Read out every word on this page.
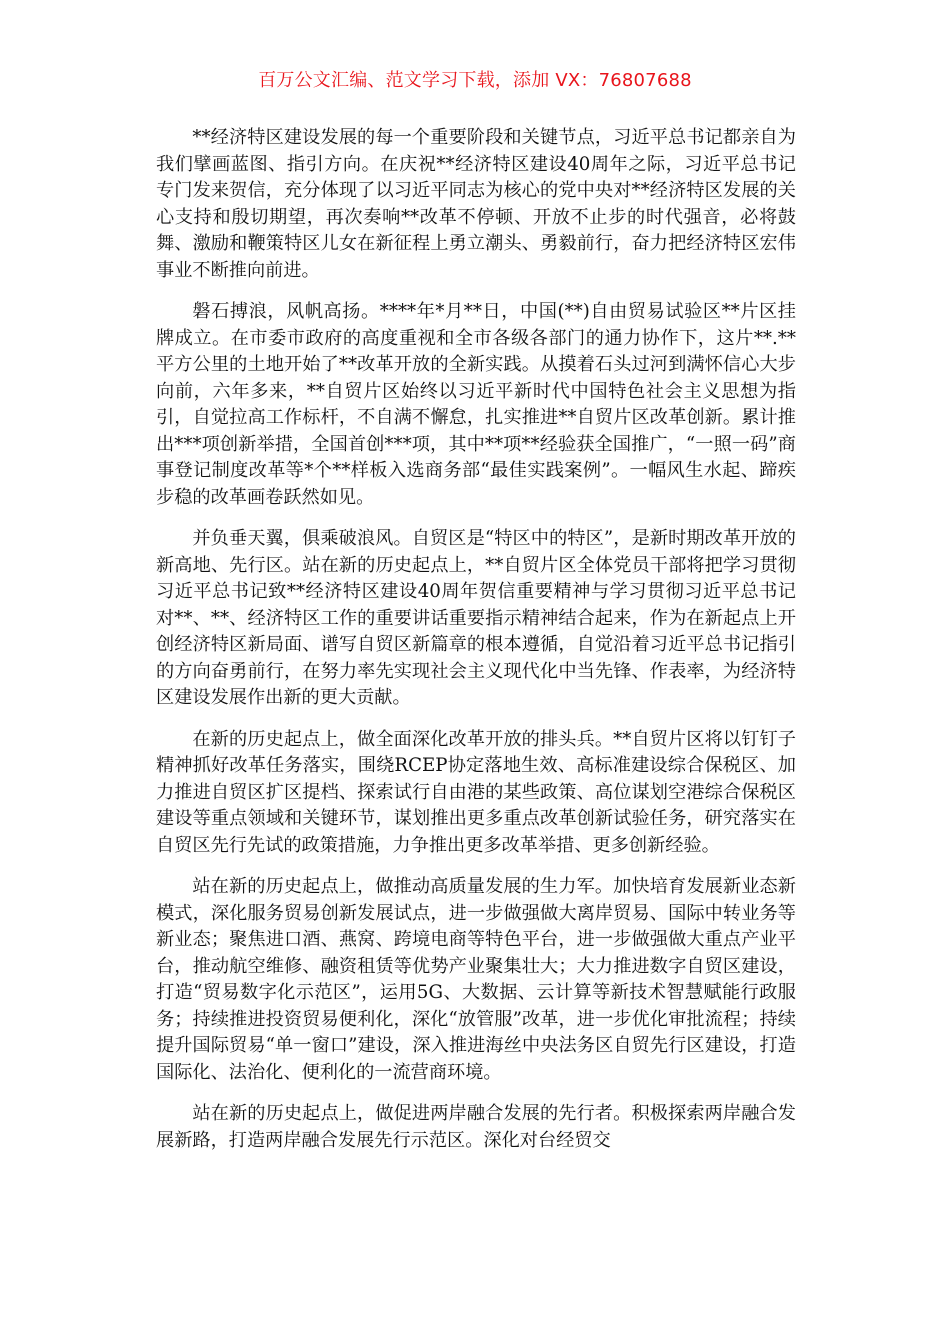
百万公文汇编、范文学习下载，添加 VX：76807688

**经济特区建设发展的每一个重要阶段和关键节点，习近平总书记都亲自为我们擘画蓝图、指引方向。在庆祝**经济特区建设40周年之际，习近平总书记专门发来贺信，充分体现了以习近平同志为核心的党中央对**经济特区发展的关心支持和殷切期望，再次奏响**改革不停顿、开放不止步的时代强音，必将鼓舞、激励和鞭策特区儿女在新征程上勇立潮头、勇毅前行，奋力把经济特区宏伟事业不断推向前进。

磐石搏浪，风帆高扬。****年*月**日，中国(**)自由贸易试验区**片区挂牌成立。在市委市政府的高度重视和全市各级各部门的通力协作下，这片**.**平方公里的土地开始了**改革开放的全新实践。从摸着石头过河到满怀信心大步向前，六年多来，**自贸片区始终以习近平新时代中国特色社会主义思想为指引，自觉拉高工作标杆，不自满不懈怠，扎实推进**自贸片区改革创新。累计推出***项创新举措，全国首创***项，其中**项**经验获全国推广，“一照一码”商事登记制度改革等*个**样板入选商务部“最佳实践案例”。一幅风生水起、蹄疾步稳的改革画卷跃然如见。

并负垂天翼，俱乘破浪风。自贸区是“特区中的特区”，是新时期改革开放的新高地、先行区。站在新的历史起点上，**自贸片区全体党员干部将把学习贯彻习近平总书记致**经济特区建设40周年贺信重要精神与学习贯彻习近平总书记对**、**、经济特区工作的重要讲话重要指示精神结合起来，作为在新起点上开创经济特区新局面、谱写自贸区新篇章的根本遵循，自觉沿着习近平总书记指引的方向奋勇前行，在努力率先实现社会主义现代化中当先锋、作表率，为经济特区建设发展作出新的更大贡献。

在新的历史起点上，做全面深化改革开放的排头兵。**自贸片区将以钉钉子精神抓好改革任务落实，围绕RCEP协定落地生效、高标准建设综合保税区、加力推进自贸区扩区提档、探索试行自由港的某些政策、高位谋划空港综合保税区建设等重点领域和关键环节，谋划推出更多重点改革创新试验任务，研究落实在自贸区先行先试的政策措施，力争推出更多改革举措、更多创新经验。

站在新的历史起点上，做推动高质量发展的生力军。加快培育发展新业态新模式，深化服务贸易创新发展试点，进一步做强做大离岸贸易、国际中转业务等新业态；聚焦进口酒、燕窝、跨境电商等特色平台，进一步做强做大重点产业平台，推动航空维修、融资租赁等优势产业聚集壮大；大力推进数字自贸区建设，打造“贸易数字化示范区”，运用5G、大数据、云计算等新技术智慧赋能行政服务；持续推进投资贸易便利化，深化“放管服”改革，进一步优化审批流程；持续提升国际贸易“单一窗口”建设，深入推进海丝中央法务区自贸先行区建设，打造国际化、法治化、便利化的一流营商环境。

站在新的历史起点上，做促进两岸融合发展的先行者。积极探索两岸融合发展新路，打造两岸融合发展先行示范区。深化对台经贸交
